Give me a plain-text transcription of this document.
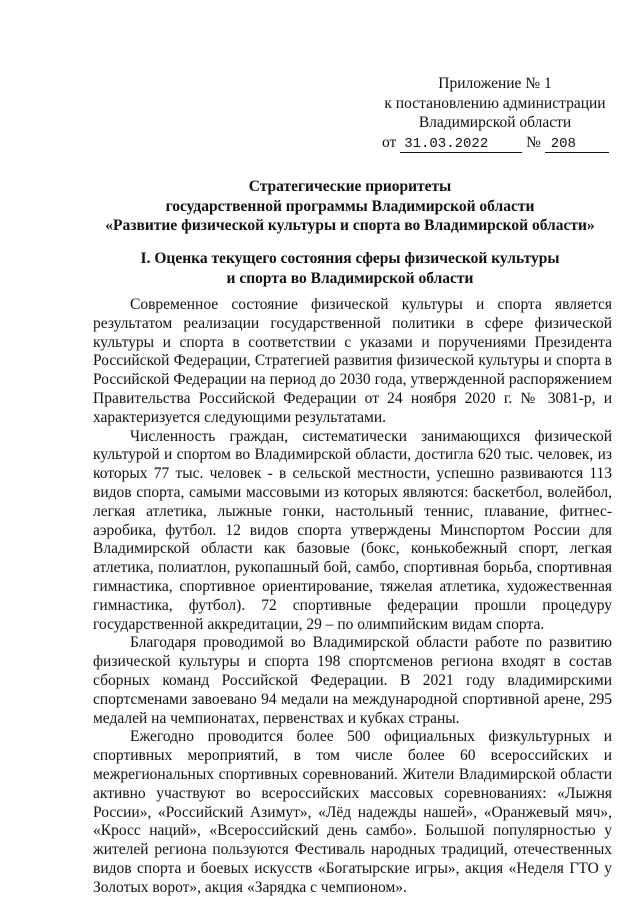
Приложение № 1
к постановлению администрации
Владимирской области
от 31.03.2022 № 208
Стратегические приоритеты
государственной программы Владимирской области
«Развитие физической культуры и спорта во Владимирской области»
I. Оценка текущего состояния сферы физической культуры
и спорта во Владимирской области

Современное состояние физической культуры и спорта является результатом реализации государственной политики в сфере физической культуры и спорта в соответствии с указами и поручениями Президента Российской Федерации, Стратегией развития физической культуры и спорта в Российской Федерации на период до 2030 года, утвержденной распоряжением Правительства Российской Федерации от 24 ноября 2020 г. № 3081-р, и характеризуется следующими результатами.

Численность граждан, систематически занимающихся физической культурой и спортом во Владимирской области, достигла 620 тыс. человек, из которых 77 тыс. человек - в сельской местности, успешно развиваются 113 видов спорта, самыми массовыми из которых являются: баскетбол, волейбол, легкая атлетика, лыжные гонки, настольный теннис, плавание, фитнес-аэробика, футбол. 12 видов спорта утверждены Минспортом России для Владимирской области как базовые (бокс, конькобежный спорт, легкая атлетика, полиатлон, рукопашный бой, самбо, спортивная борьба, спортивная гимнастика, спортивное ориентирование, тяжелая атлетика, художественная гимнастика, футбол). 72 спортивные федерации прошли процедуру государственной аккредитации, 29 – по олимпийским видам спорта.

Благодаря проводимой во Владимирской области работе по развитию физической культуры и спорта 198 спортсменов региона входят в состав сборных команд Российской Федерации. В 2021 году владимирскими спортсменами завоевано 94 медали на международной спортивной арене, 295 медалей на чемпионатах, первенствах и кубках страны.

Ежегодно проводится более 500 официальных физкультурных и спортивных мероприятий, в том числе более 60 всероссийских и межрегиональных спортивных соревнований. Жители Владимирской области активно участвуют во всероссийских массовых соревнованиях: «Лыжня России», «Российский Азимут», «Лёд надежды нашей», «Оранжевый мяч», «Кросс наций», «Всероссийский день самбо». Большой популярностью у жителей региона пользуются Фестиваль народных традиций, отечественных видов спорта и боевых искусств «Богатырские игры», акция «Неделя ГТО у Золотых ворот», акция «Зарядка с чемпионом».
